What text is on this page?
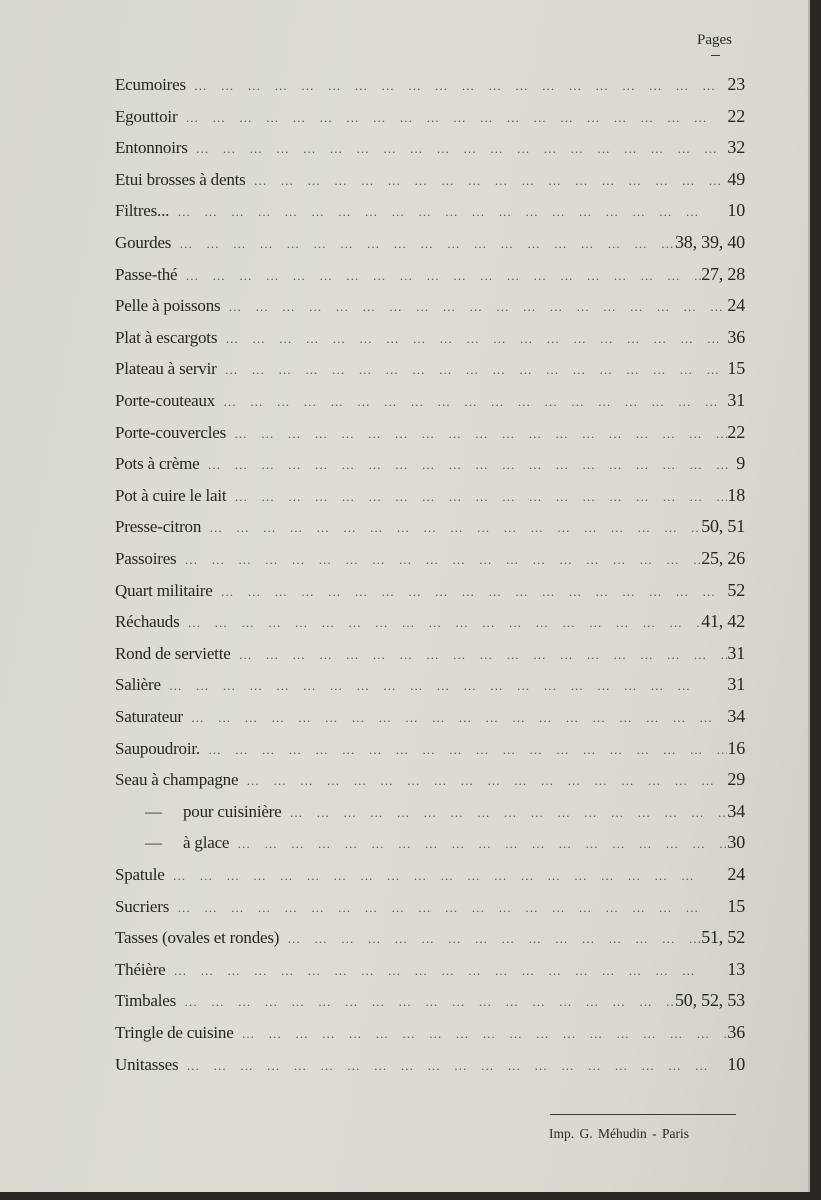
Pages
Ecumoires … … … … … … … … … … … … … … … … … … … …	23
Egouttoir … … … … … … … … … … … … … … … … … … … …	22
Entonnoirs … … … … … … … … … … … … … … … … … … … …	32
Etui brosses à dents … … … … … … … … … … … … … … … … … … … …	49
Filtres... … … … … … … … … … … … … … … … … … … … …	10
Gourdes … … … … … … … … … … … … … … … … … … … …	38, 39, 40
Passe-thé … … … … … … … … … … … … … … … … … … … …	27, 28
Pelle à poissons … … … … … … … … … … … … … … … … … … … …	24
Plat à escargots … … … … … … … … … … … … … … … … … … … …	36
Plateau à servir … … … … … … … … … … … … … … … … … … … …	15
Porte-couteaux … … … … … … … … … … … … … … … … … … … …	31
Porte-couvercles … … … … … … … … … … … … … … … … … … … …	22
Pots à crème … … … … … … … … … … … … … … … … … … … …	9
Pot à cuire le lait … … … … … … … … … … … … … … … … … … … …	18
Presse-citron … … … … … … … … … … … … … … … … … … … …	50, 51
Passoires … … … … … … … … … … … … … … … … … … … …	25, 26
Quart militaire … … … … … … … … … … … … … … … … … … … …	52
Réchauds … … … … … … … … … … … … … … … … … … … …	41, 42
Rond de serviette … … … … … … … … … … … … … … … … … … … …	31
Salière … … … … … … … … … … … … … … … … … … … …	31
Saturateur … … … … … … … … … … … … … … … … … … … …	34
Saupoudroir. … … … … … … … … … … … … … … … … … … … …	16
Seau à champagne … … … … … … … … … … … … … … … … … … … …	29
— pour cuisinière … … … … … … … … … … … … … … … … … … … …	34
— à glace … … … … … … … … … … … … … … … … … … … …	30
Spatule … … … … … … … … … … … … … … … … … … … …	24
Sucriers … … … … … … … … … … … … … … … … … … … …	15
Tasses (ovales et rondes) … … … … … … … … … … … … … … … … … … … …	51, 52
Théière … … … … … … … … … … … … … … … … … … … …	13
Timbales … … … … … … … … … … … … … … … … … … … …	50, 52, 53
Tringle de cuisine … … … … … … … … … … … … … … … … … … … …	36
Unitasses … … … … … … … … … … … … … … … … … … … …	10
Imp. G. Méhudin - Paris
